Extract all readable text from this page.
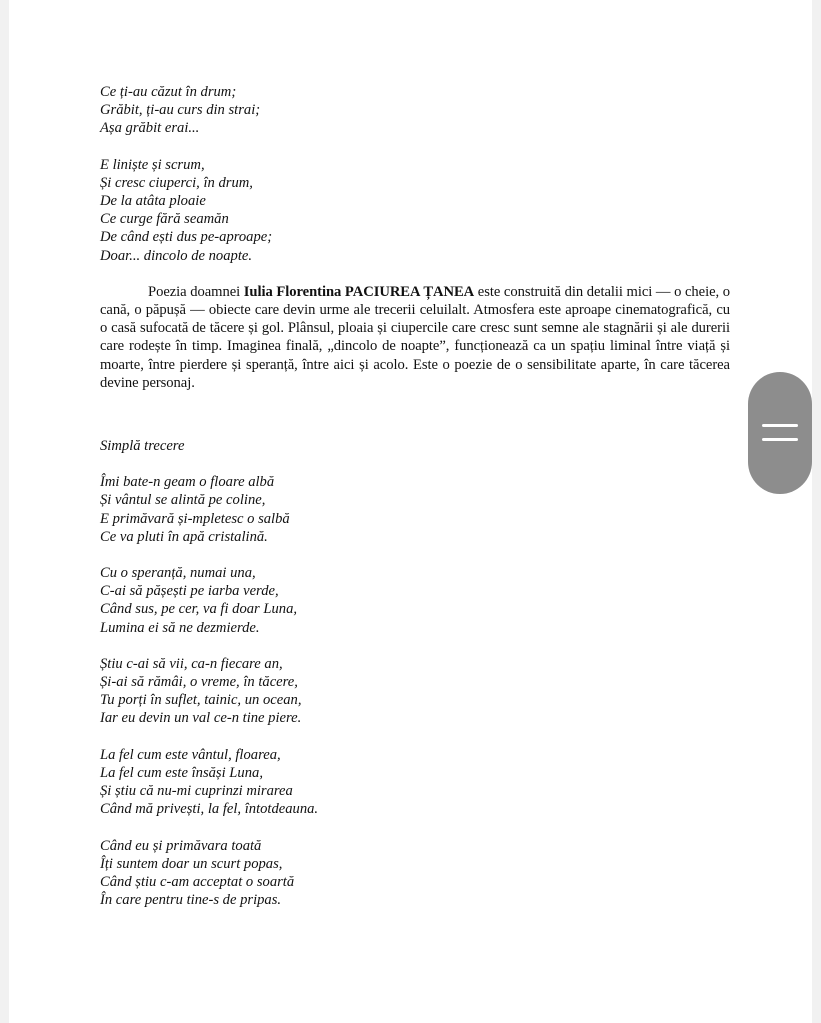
Ce ți-au căzut în drum;
Grăbit, ți-au curs din strai;
Așa grăbit erai...
E liniște și scrum,
Și cresc ciuperci, în drum,
De la atâta ploaie
Ce curge fără seamăn
De când ești dus pe-aproape;
Doar... dincolo de noapte.

Poezia doamnei Iulia Florentina PACIUREA ȚANEA este construită din detalii mici — o cheie, o cană, o păpușă — obiecte care devin urme ale trecerii celuilalt. Atmosfera este aproape cinematografică, cu o casă sufocată de tăcere și gol. Plânsul, ploaia și ciupercile care cresc sunt semne ale stagnării și ale durerii care rodește în timp. Imaginea finală, „dincolo de noapte”, funcționează ca un spațiu liminal între viață și moarte, între pierdere și speranță, între aici și acolo. Este o poezie de o sensibilitate aparte, în care tăcerea devine personaj.

Simplă trecere
Îmi bate-n geam o floare albă
Și vântul se alintă pe coline,
E primăvară și-mpletesc o salbă
Ce va pluti în apă cristalină.
Cu o speranță, numai una,
C-ai să pășești pe iarba verde,
Când sus, pe cer, va fi doar Luna,
Lumina ei să ne dezmierde.
Știu c-ai să vii, ca-n fiecare an,
Și-ai să rămâi, o vreme, în tăcere,
Tu porți în suflet, tainic, un ocean,
Iar eu devin un val ce-n tine piere.
La fel cum este vântul, floarea,
La fel cum este însăși Luna,
Și știu că nu-mi cuprinzi mirarea
Când mă privești, la fel, întotdeauna.
Când eu și primăvara toată
Îți suntem doar un scurt popas,
Când știu c-am acceptat o soartă
În care pentru tine-s de pripas.
